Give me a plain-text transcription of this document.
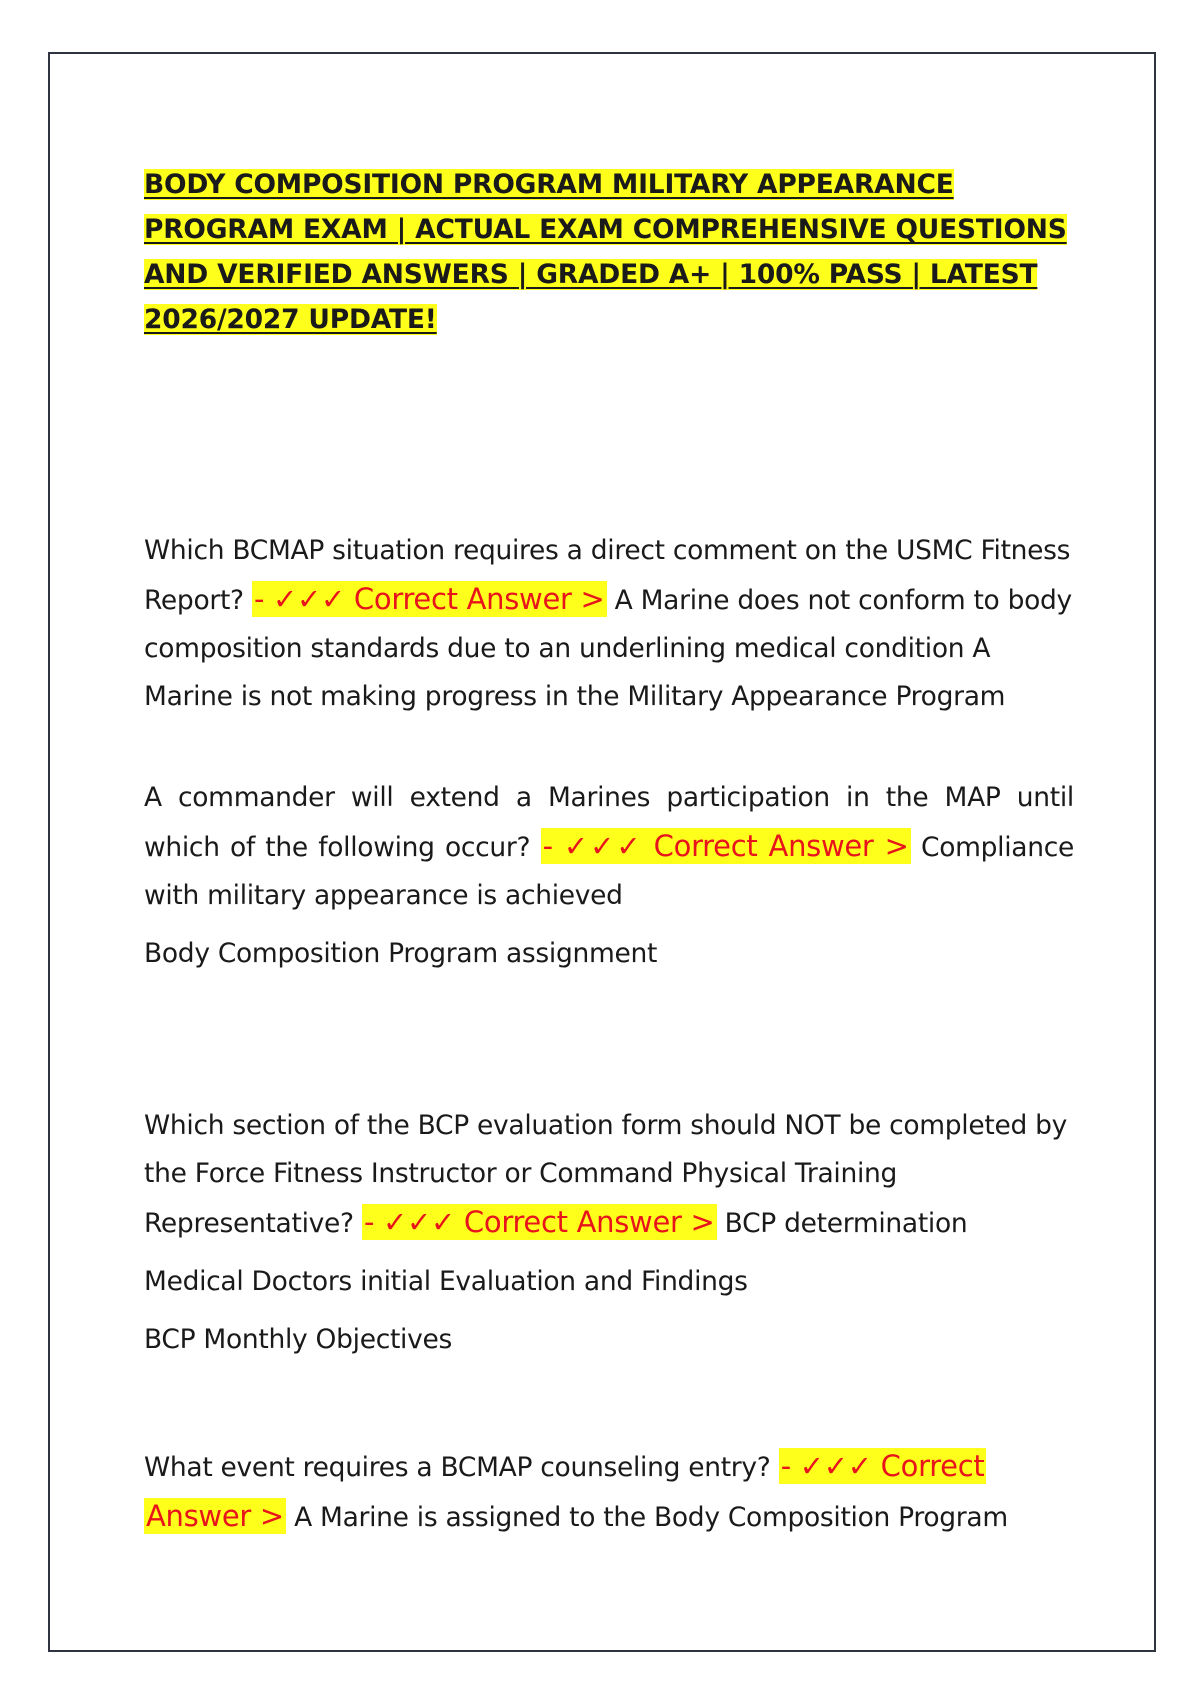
BODY COMPOSITION PROGRAM MILITARY APPEARANCE PROGRAM EXAM | ACTUAL EXAM COMPREHENSIVE QUESTIONS AND VERIFIED ANSWERS | GRADED A+ | 100% PASS | LATEST 2026/2027 UPDATE!

Which BCMAP situation requires a direct comment on the USMC Fitness Report? - ✓✓✓ Correct Answer > A Marine does not conform to body composition standards due to an underlining medical condition A Marine is not making progress in the Military Appearance Program

A commander will extend a Marines participation in the MAP until which of the following occur? - ✓✓✓ Correct Answer > Compliance with military appearance is achieved

Body Composition Program assignment

Which section of the BCP evaluation form should NOT be completed by the Force Fitness Instructor or Command Physical Training Representative? - ✓✓✓ Correct Answer > BCP determination

Medical Doctors initial Evaluation and Findings

BCP Monthly Objectives

What event requires a BCMAP counseling entry? - ✓✓✓ Correct Answer > A Marine is assigned to the Body Composition Program
